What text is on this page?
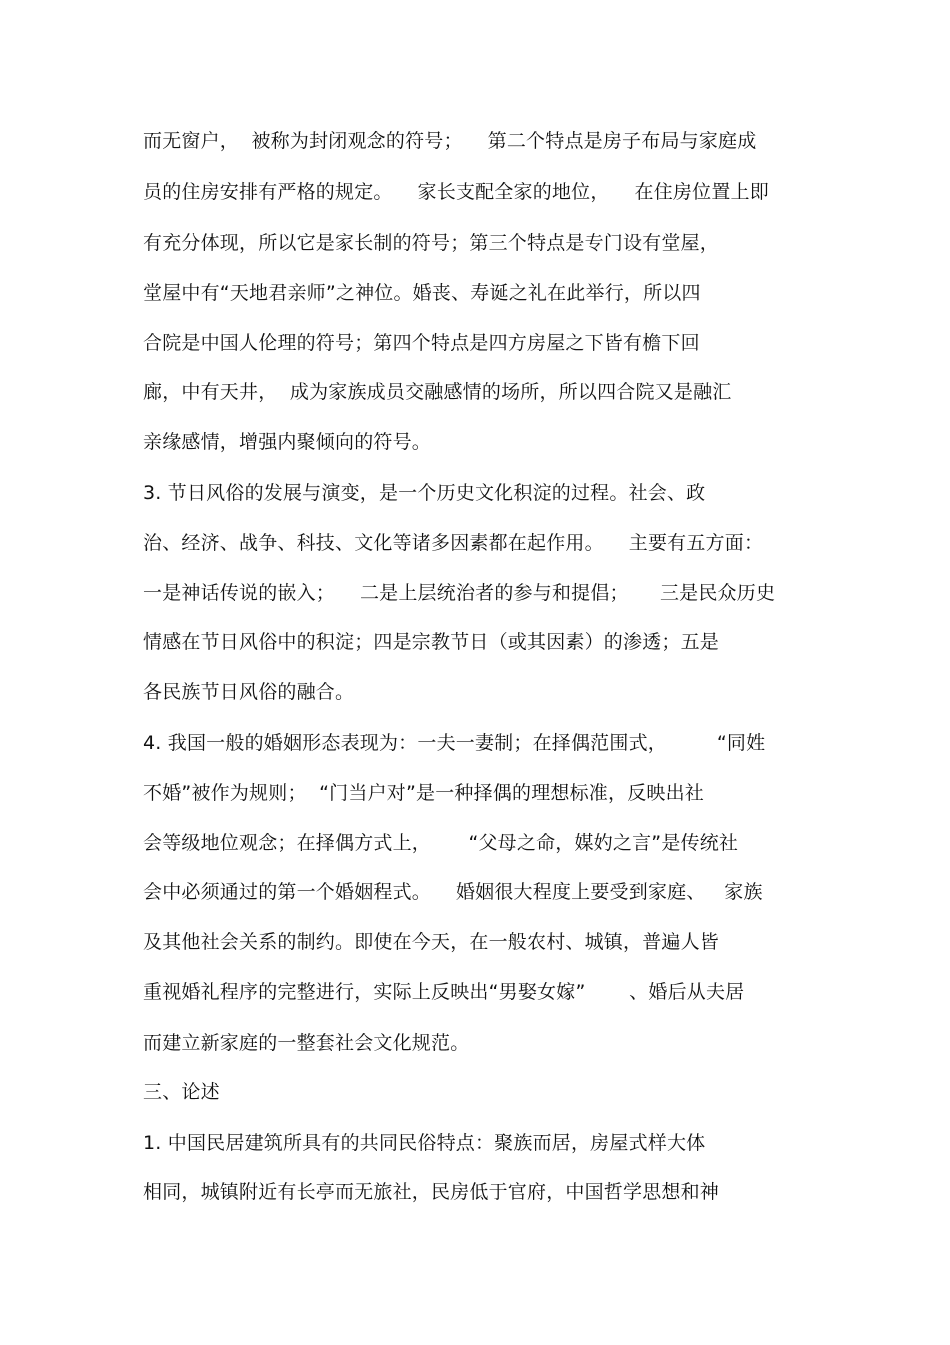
而无窗户，  被称为封闭观念的符号；    第二个特点是房子布局与家庭成
员的住房安排有严格的规定。    家长支配全家的地位，    在住房位置上即
有充分体现，所以它是家长制的符号；第三个特点是专门设有堂屋，
堂屋中有“天地君亲师”之神位。婚丧、寿诞之礼在此举行，所以四
合院是中国人伦理的符号；第四个特点是四方房屋之下皆有檐下回
廊，中有天井，  成为家族成员交融感情的场所，所以四合院又是融汇
亲缘感情，增强内聚倾向的符号。
3. 节日风俗的发展与演变，是一个历史文化积淀的过程。社会、政
治、经济、战争、科技、文化等诸多因素都在起作用。    主要有五方面：
一是神话传说的嵌入；    二是上层统治者的参与和提倡；     三是民众历史
情感在节日风俗中的积淀；四是宗教节日（或其因素）的渗透；五是
各民族节日风俗的融合。
4. 我国一般的婚姻形态表现为：一夫一妻制；在择偶范围式，        “同姓
不婚”被作为规则；  “门当户对”是一种择偶的理想标准，反映出社
会等级地位观念；在择偶方式上，      “父母之命，媒妁之言”是传统社
会中必须通过的第一个婚姻程式。    婚姻很大程度上要受到家庭、   家族
及其他社会关系的制约。即使在今天，在一般农村、城镇，普遍人皆
重视婚礼程序的完整进行，实际上反映出“男娶女嫁”       、婚后从夫居
而建立新家庭的一整套社会文化规范。
三、论述
1. 中国民居建筑所具有的共同民俗特点：聚族而居，房屋式样大体
相同，城镇附近有长亭而无旅社，民房低于官府，中国哲学思想和神
